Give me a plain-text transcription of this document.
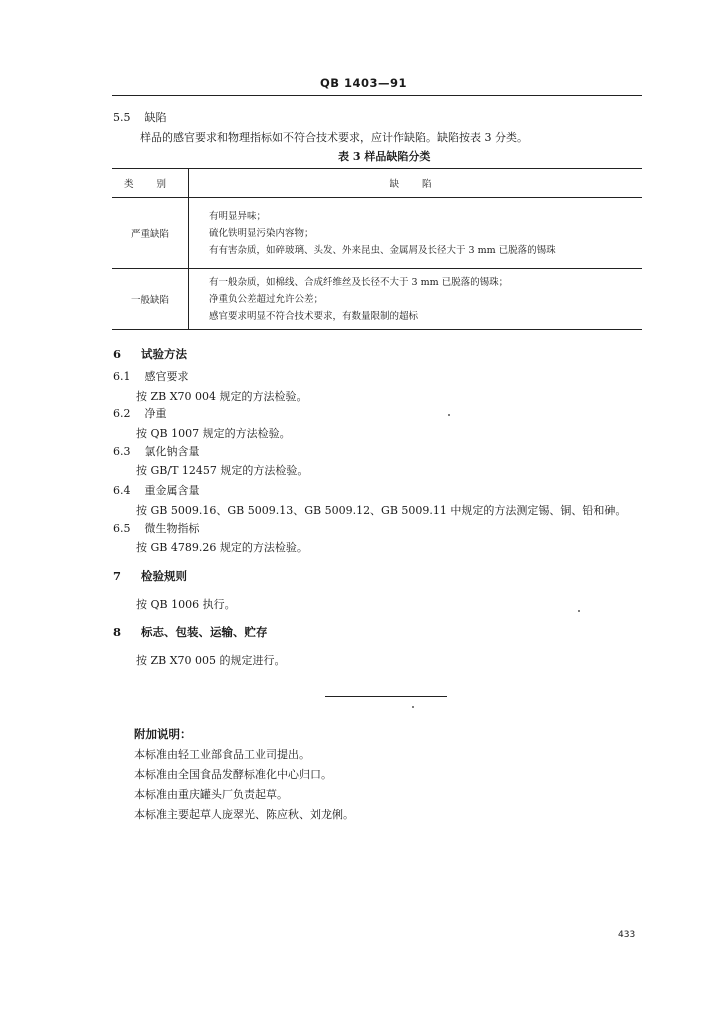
QB 1403—91
5.5 缺陷
样品的感官要求和物理指标如不符合技术要求，应计作缺陷。缺陷按表 3 分类。
表 3 样品缺陷分类
类 别	缺 陷
严重缺陷	有明显异味；
硫化铁明显污染内容物；
有有害杂质，如碎玻璃、头发、外来昆虫、金属屑及长径大于 3 mm 已脱落的锡珠

一般缺陷	有一般杂质，如棉线、合成纤维丝及长径不大于 3 mm 已脱落的锡珠；
净重负公差超过允许公差；
感官要求明显不符合技术要求，有数量限制的超标
6 试验方法
6.1 感官要求
按 ZB X70 004 规定的方法检验。
6.2 净重
按 QB 1007 规定的方法检验。
6.3 氯化钠含量
按 GB/T 12457 规定的方法检验。
6.4 重金属含量
按 GB 5009.16、GB 5009.13、GB 5009.12、GB 5009.11 中规定的方法测定锡、铜、铅和砷。
6.5 微生物指标
按 GB 4789.26 规定的方法检验。
7 检验规则
按 QB 1006 执行。
8 标志、包装、运输、贮存
按 ZB X70 005 的规定进行。
附加说明：
本标准由轻工业部食品工业司提出。
本标准由全国食品发酵标准化中心归口。
本标准由重庆罐头厂负责起草。
本标准主要起草人庞翠光、陈应秋、刘龙俐。
433
